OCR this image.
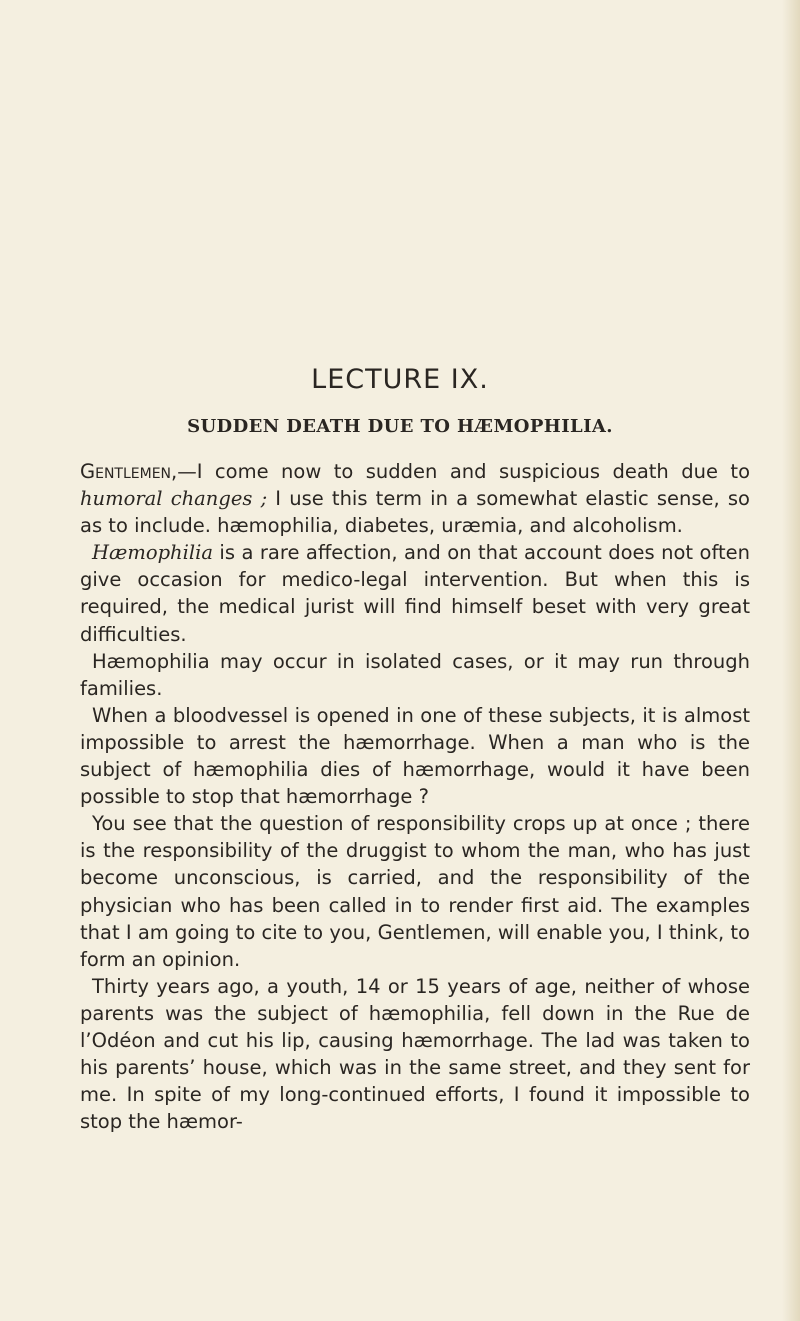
LECTURE IX.
SUDDEN DEATH DUE TO HÆMOPHILIA.

Gentlemen,—I come now to sudden and suspicious death due to humoral changes ; I use this term in a somewhat elastic sense, so as to include. hæmophilia, diabetes, uræmia, and alcoholism.

Hæmophilia is a rare affection, and on that account does not often give occasion for medico-legal intervention. But when this is required, the medical jurist will find himself beset with very great difficulties.

Hæmophilia may occur in isolated cases, or it may run through families.

When a bloodvessel is opened in one of these subjects, it is almost impossible to arrest the hæmorrhage. When a man who is the subject of hæmophilia dies of hæmorrhage, would it have been possible to stop that hæmorrhage ?

You see that the question of responsibility crops up at once ; there is the responsibility of the druggist to whom the man, who has just become unconscious, is carried, and the responsibility of the physician who has been called in to render first aid. The examples that I am going to cite to you, Gentlemen, will enable you, I think, to form an opinion.

Thirty years ago, a youth, 14 or 15 years of age, neither of whose parents was the subject of hæmophilia, fell down in the Rue de l’Odéon and cut his lip, causing hæmorrhage. The lad was taken to his parents’ house, which was in the same street, and they sent for me. In spite of my long-continued efforts, I found it impossible to stop the hæmor-
